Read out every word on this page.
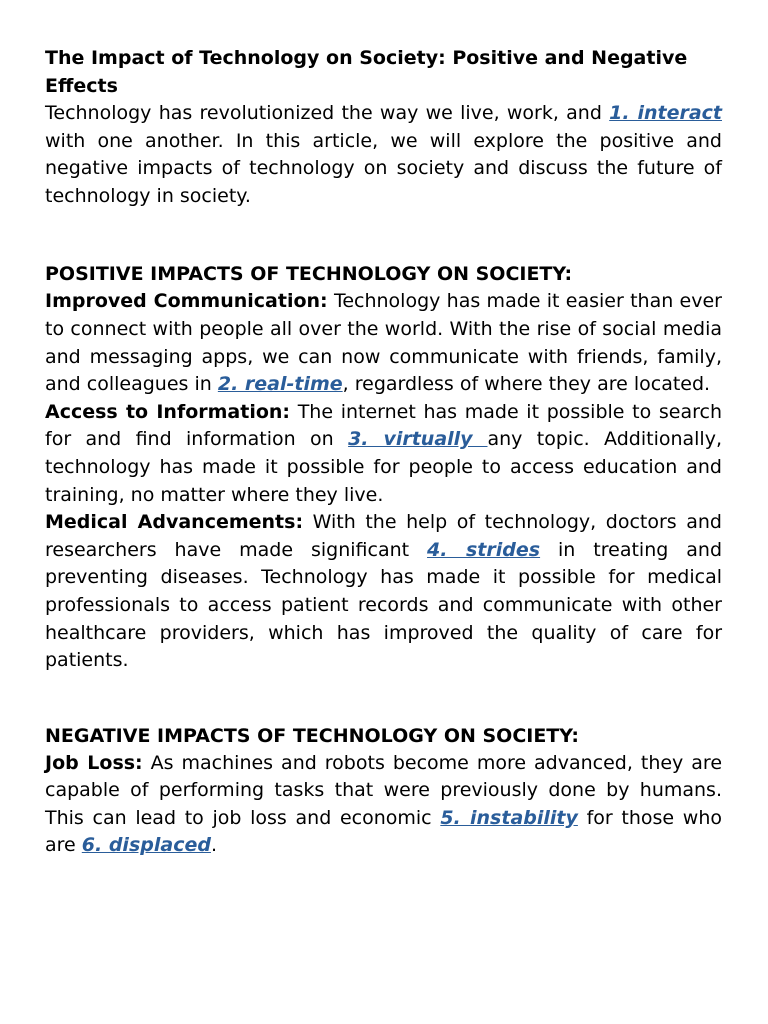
The Impact of Technology on Society: Positive and Negative Effects

Technology has revolutionized the way we live, work, and 1. interact with one another. In this article, we will explore the positive and negative impacts of technology on society and discuss the future of technology in society.

POSITIVE IMPACTS OF TECHNOLOGY ON SOCIETY:

Improved Communication: Technology has made it easier than ever to connect with people all over the world. With the rise of social media and messaging apps, we can now communicate with friends, family, and colleagues in 2. real-time, regardless of where they are located.

Access to Information: The internet has made it possible to search for and find information on 3. virtually any topic. Additionally, technology has made it possible for people to access education and training, no matter where they live.

Medical Advancements: With the help of technology, doctors and researchers have made significant 4. strides in treating and preventing diseases. Technology has made it possible for medical professionals to access patient records and communicate with other healthcare providers, which has improved the quality of care for patients.

NEGATIVE IMPACTS OF TECHNOLOGY ON SOCIETY:

Job Loss: As machines and robots become more advanced, they are capable of performing tasks that were previously done by humans. This can lead to job loss and economic 5. instability for those who are 6. displaced.
